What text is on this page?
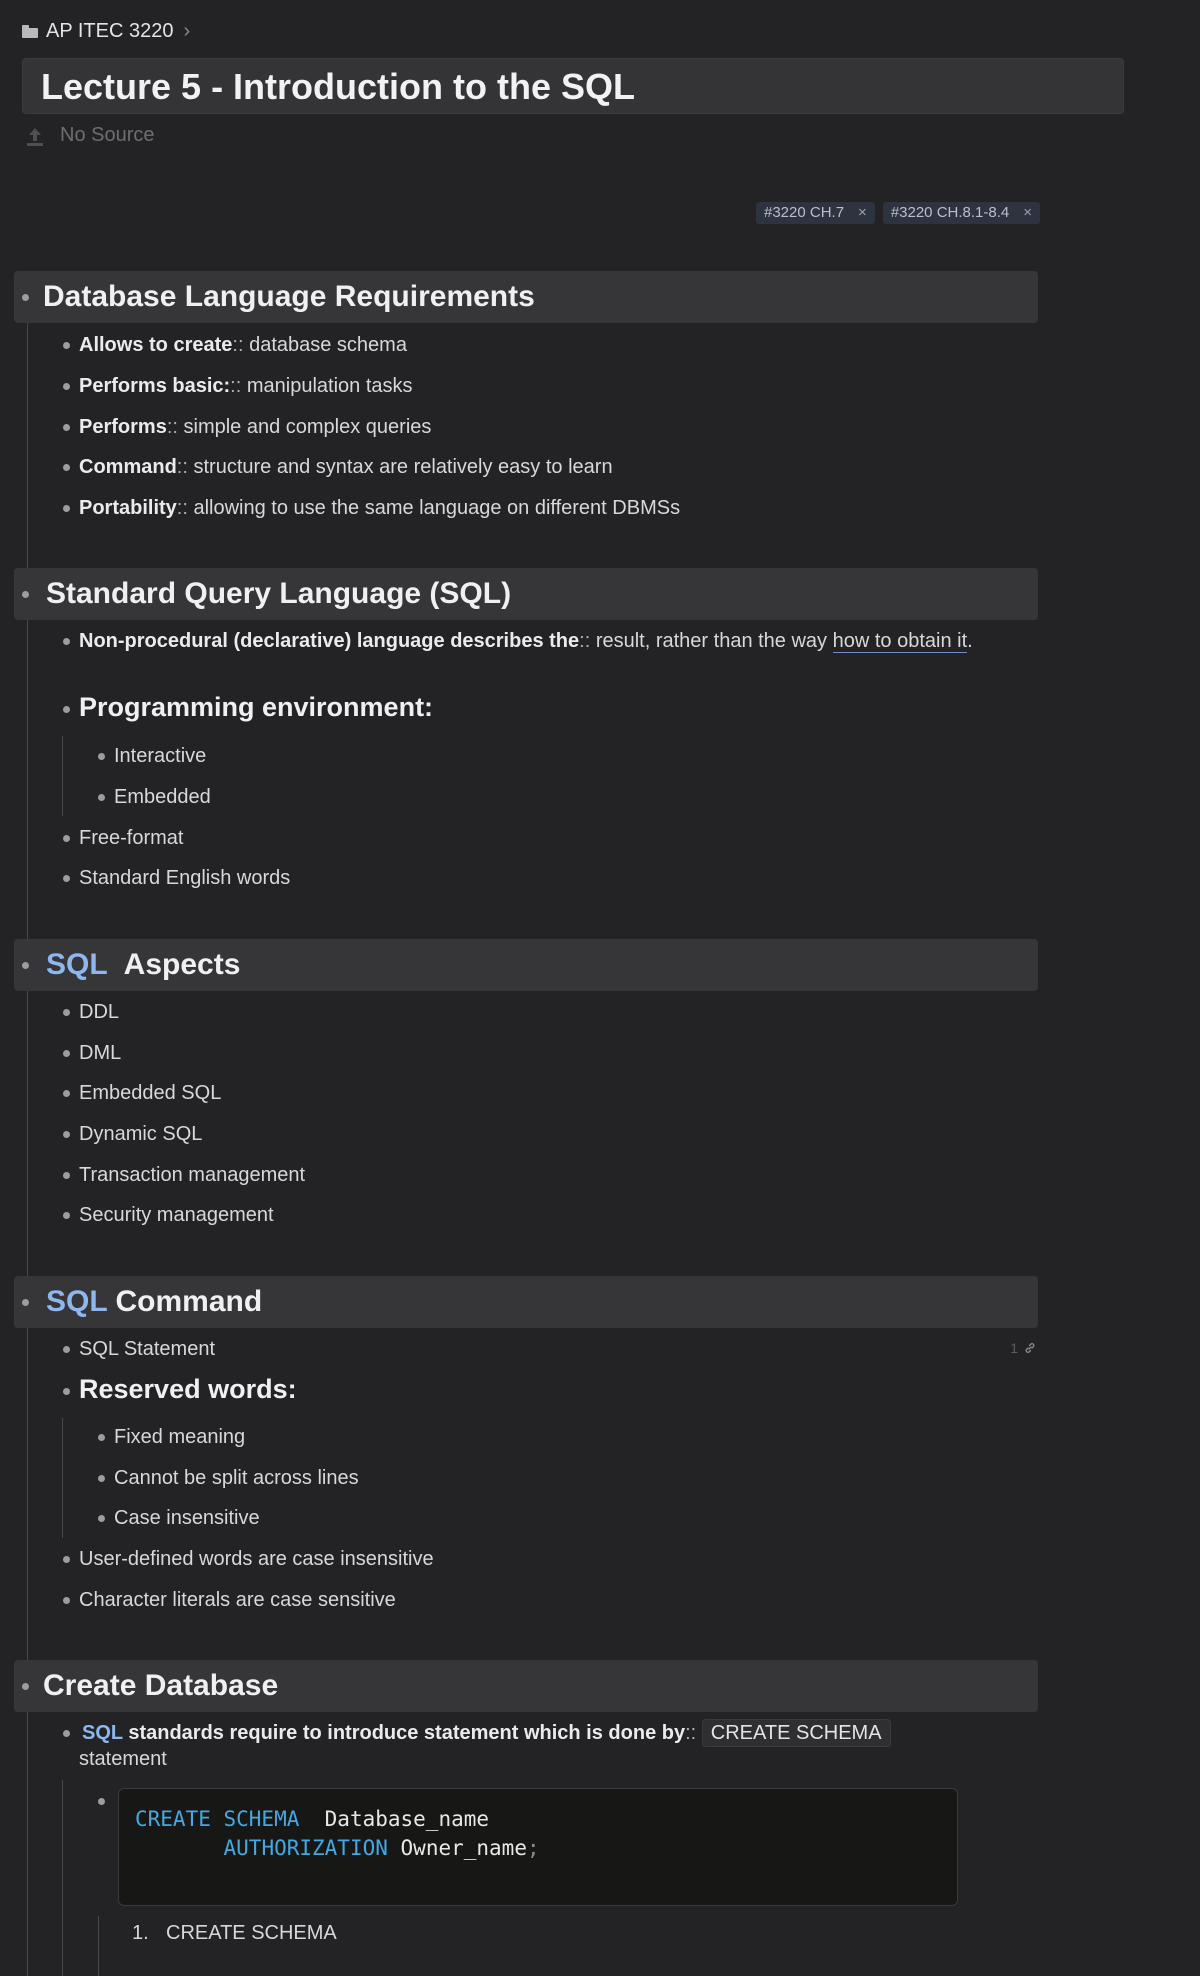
AP ITEC 3220 ›
Lecture 5 - Introduction to the SQL
No Source
#3220 CH.7 × #3220 CH.8.1-8.4 ×
Database Language Requirements
Allows to create:: database schema
Performs basic::: manipulation tasks
Performs:: simple and complex queries
Command:: structure and syntax are relatively easy to learn
Portability:: allowing to use the same language on different DBMSs
Standard Query Language (SQL)
Non-procedural (declarative) language describes the:: result, rather than the way how to obtain it.
Programming environment:
Interactive
Embedded
Free-format
Standard English words
SQL Aspects
DDL
DML
Embedded SQL
Dynamic SQL
Transaction management
Security management
SQL Command
SQL Statement	1
Reserved words:
Fixed meaning
Cannot be split across lines
Case insensitive
User-defined words are case insensitive
Character literals are case sensitive
Create Database
SQL standards require to introduce statement which is done by:: CREATE SCHEMA
statement
CREATE SCHEMA  Database_name
AUTHORIZATION Owner_name;
1. CREATE SCHEMA
